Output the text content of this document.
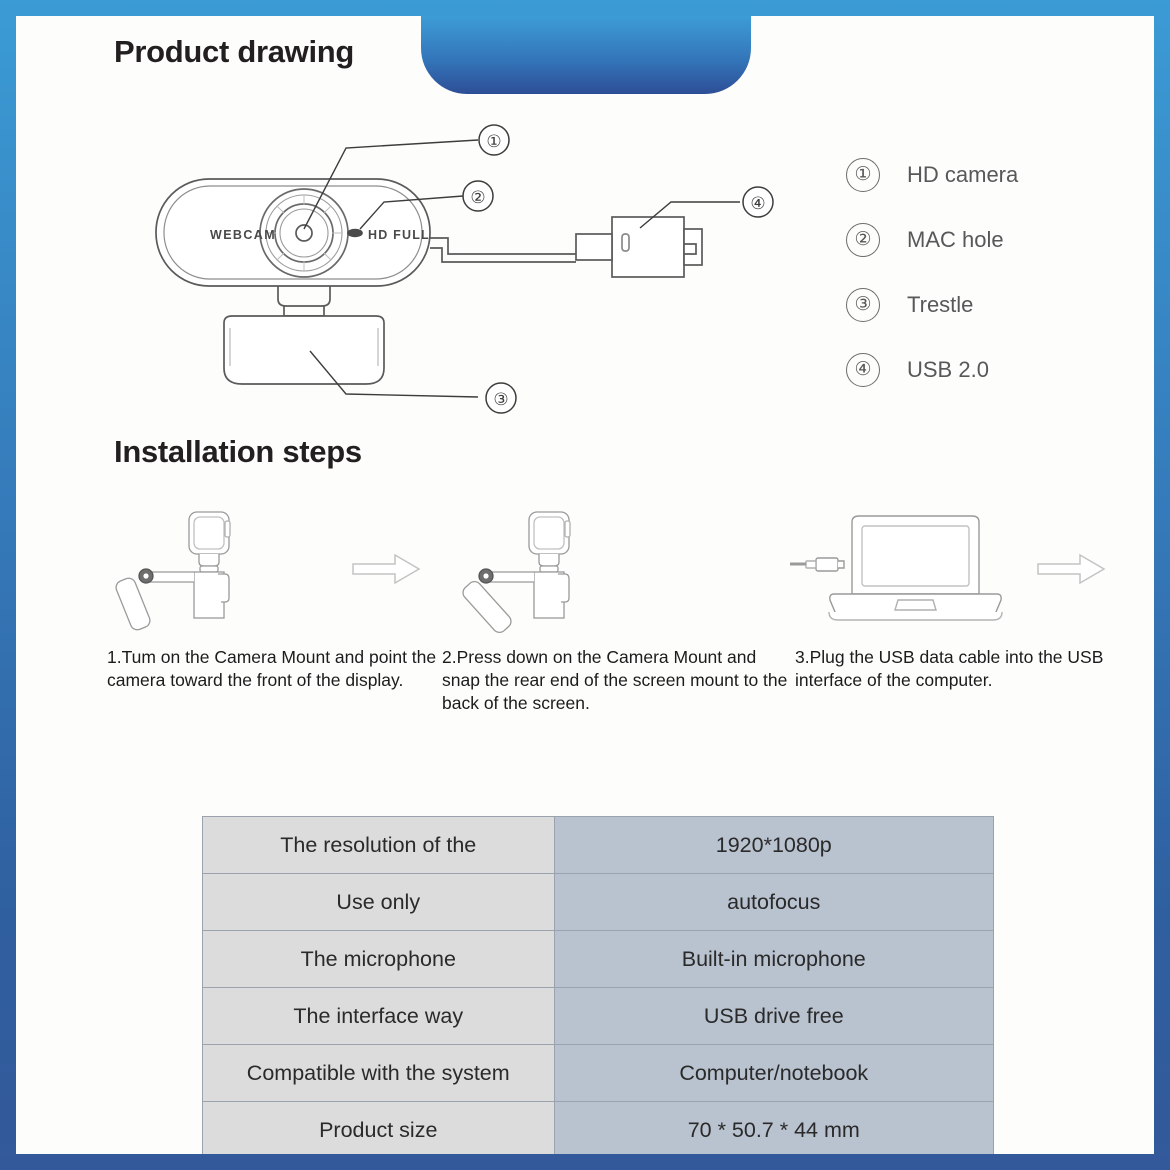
Product drawing
①
②
③
④
WEBCAM	HD FULL
①	HD camera
②	MAC hole
③	Trestle
④	USB 2.0
Installation steps
1.Tum on the Camera Mount and point the camera toward the front of the display.
2.Press down on the Camera Mount and snap the rear end of the screen mount to the back of the screen.
3.Plug the USB data cable into the USB interface of the computer.
The resolution of the	1920*1080p
Use only	autofocus
The microphone	Built-in microphone
The interface way	USB drive free
Compatible with the system	Computer/notebook
Product size	70 * 50.7 * 44 mm
